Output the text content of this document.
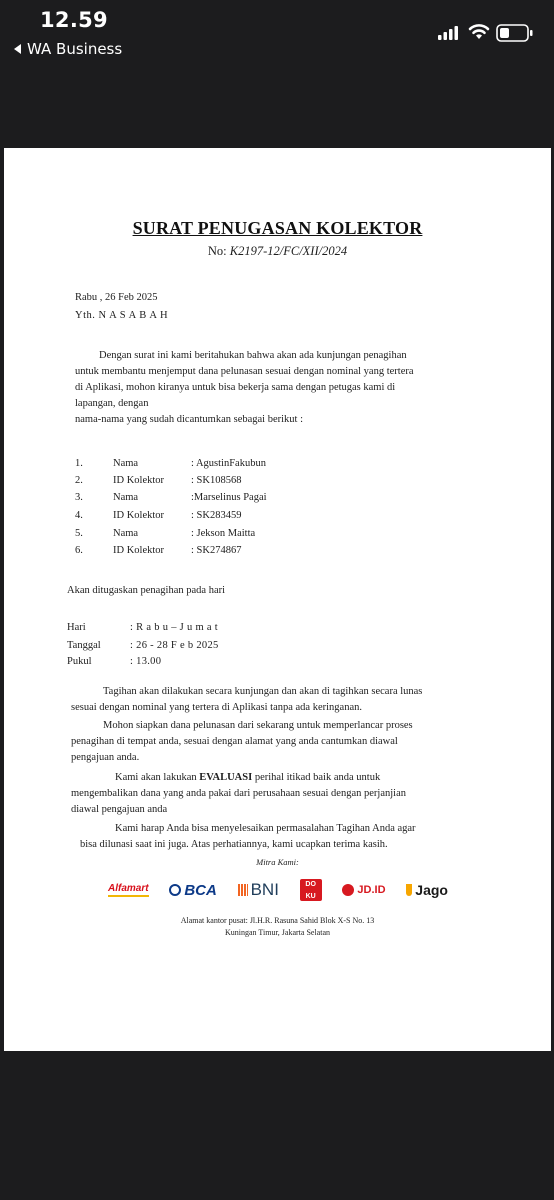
12.59
WA Business
SURAT PENUGASAN KOLEKTOR
No: K2197-12/FC/XII/2024
Rabu , 26 Feb 2025
Yth. N A S A B A H
Dengan surat ini kami beritahukan bahwa akan ada kunjungan penagihan
untuk membantu menjemput dana pelunasan sesuai dengan nominal yang tertera
di Aplikasi, mohon kiranya untuk bisa bekerja sama dengan petugas kami di
lapangan, dengan
nama-nama yang sudah dicantumkan sebagai berikut :
1.	Nama	: AgustinFakubun
2.	ID Kolektor	: SK108568
3.	Nama	:Marselinus Pagai
4.	ID Kolektor	: SK283459
5.	Nama	: Jekson Maitta
6.	ID Kolektor	: SK274867
Akan ditugaskan penagihan pada hari
Hari	: R a b u – J u m a t
Tanggal	: 26 - 28 F e b 2025
Pukul	: 13.00
Tagihan akan dilakukan secara kunjungan dan akan di tagihkan secara lunas
sesuai dengan nominal yang tertera di Aplikasi tanpa ada keringanan.
Mohon siapkan dana pelunasan dari sekarang untuk memperlancar proses
penagihan di tempat anda, sesuai dengan alamat yang anda cantumkan diawal
pengajuan anda.
Kami akan lakukan EVALUASI perihal itikad baik anda untuk
mengembalikan dana yang anda pakai dari perusahaan sesuai dengan perjanjian
diawal pengajuan anda
Kami harap Anda bisa menyelesaikan permasalahan Tagihan Anda agar
bisa dilunasi saat ini juga. Atas perhatiannya, kami ucapkan terima kasih.
Mitra Kami:
Alfamart BCA BNI	DO
KU	JD.ID Jago
Alamat kantor pusat: Jl.H.R. Rasuna Sahid Blok X-S No. 13
Kuningan Timur, Jakarta Selatan
